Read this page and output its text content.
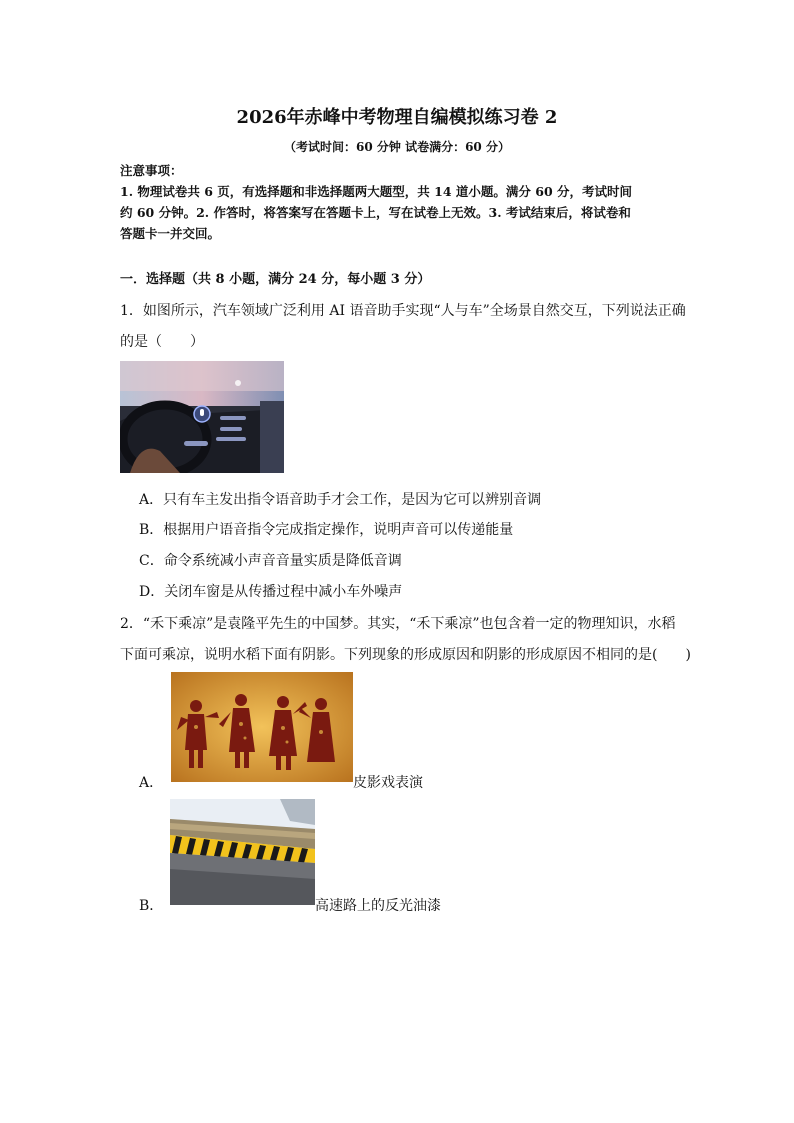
2026年赤峰中考物理自编模拟练习卷 2
（考试时间：60 分钟 试卷满分：60 分）
注意事项：
1. 物理试卷共 6 页，有选择题和非选择题两大题型，共 14 道小题。满分 60 分，考试时间
约 60 分钟。2. 作答时，将答案写在答题卡上，写在试卷上无效。3. 考试结束后，将试卷和
答题卡一并交回。
一．选择题（共 8 小题，满分 24 分，每小题 3 分）
1．如图所示，汽车领域广泛利用 AI 语音助手实现“人与车”全场景自然交互，下列说法正确
的是（　　）
A．只有车主发出指令语音助手才会工作，是因为它可以辨别音调
B．根据用户语音指令完成指定操作，说明声音可以传递能量
C．命令系统减小声音音量实质是降低音调
D．关闭车窗是从传播过程中减小车外噪声
2．“禾下乘凉”是袁隆平先生的中国梦。其实，“禾下乘凉”也包含着一定的物理知识，水稻
下面可乘凉，说明水稻下面有阴影。下列现象的形成原因和阴影的形成原因不相同的是(　　)
A．	皮影戏表演
B．	高速路上的反光油漆
